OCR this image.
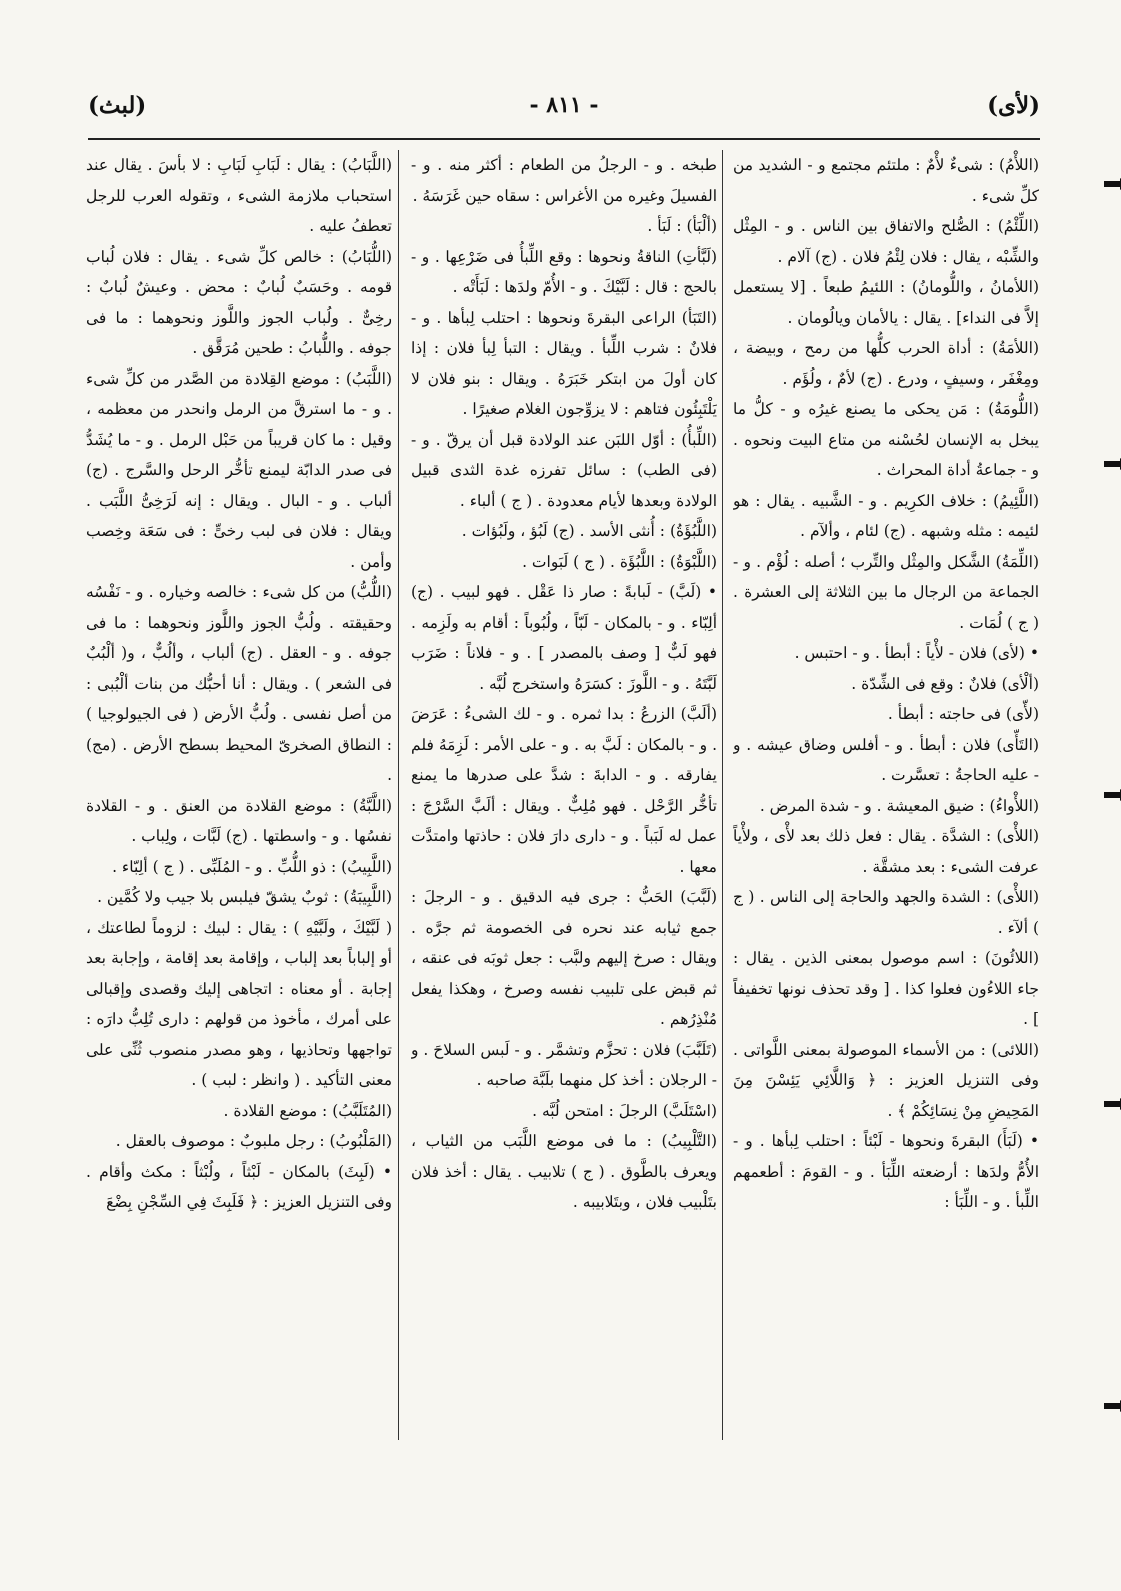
(لأى)
- ٨١١ -
(لبث)

(اللأْمُ) : شىءٌ لأْمٌ : ملتئم مجتمع و - الشديد من كلِّ شىء .

(اللِّئْمُ) : الصُّلح والاتفاق بين الناس . و - المِثْل والشِّبْه ، يقال : فلان لِئْمُ فلان . (ج) آلام .

(اللأمانُ ، واللُّومانُ) : اللئيمُ طبعاً . [لا يستعمل إلاَّ فى النداء] . يقال : يالأمان ويالُومان .

(اللأمَةُ) : أداة الحرب كلُّها من رمح ، وبيضة ، ومِغْفَر ، وسيفٍ ، ودرع . (ج) لأمٌ ، ولُؤَم .

(اللُّومَةُ) : مَن يحكى ما يصنع غيرُه و - كلُّ ما يبخل به الإنسان لحُسْنه من متاع البيت ونحوه . و - جماعةُ أداة المحراث .

(اللَّئِيمُ) : خلاف الكرِيم . و - الشَّبيه . يقال : هو لئيمه : مثله وشبهه . (ج) لئام ، وألآم .

(اللِّمَةُ) الشَّكل والمِثْل والتِّرب ؛ أصله : لُؤْم . و - الجماعة من الرجال ما بين الثلاثة إلى العشرة . ( ج ) لُمَات .

• (لأى) فلان - لأْياً : أبطأ . و - احتبس .

(ألْأى) فلانٌ : وقع فى الشِّدّة .

(لأّى) فى حاجته : أبطأ .

(التَأّى) فلان : أبطأ . و - أفلس وضاق عيشه . و - عليه الحاجةُ : تعسَّرت .

(اللأْواءُ) : ضيق المعيشة . و - شدة المرض .

(اللأْى) : الشدَّة . يقال : فعل ذلك بعد لأْى ، ولأْياً عرفت الشىء : بعد مشقَّة .

(اللأْى) : الشدة والجهد والحاجة إلى الناس . ( ج ) ألآء .

(اللائُونَ) : اسم موصول بمعنى الذين . يقال : جاء اللاءُون فعلوا كذا . [ وقد تحذف نونها تخفيفاً ] .

(اللائى) : من الأسماء الموصولة بمعنى اللَّواتى . وفى التنزيل العزيز : ﴿ وَاللَّائِي يَئِسْنَ مِنَ المَحِيضِ مِنْ نِسَائِكُمْ ﴾ .

• (لَبَأَ) البقرةَ ونحوها - لَبْئاً : احتلب لِبأها . و - الأُمُّ ولدَها : أرضعته اللِّبَأ . و - القومَ : أطعمهم اللِّبأ . و - اللِّبَأ :

طبخه . و - الرجلُ من الطعام : أكثر منه . و - الفسيلَ وغيره من الأغراس : سقاه حين غَرَسَهُ .

(ألْبَأ) : لَبَأ .

(لَبَّأتِ) الناقةُ ونحوها : وقع اللِّبأُ فى ضَرْعِها . و - بالحج : قال : لَبَّيْكَ . و - الأُمّ ولدَها : لَبَأَتْه .

(التَبَأ) الراعى البقرةَ ونحوها : احتلب لِبأها . و - فلانٌ : شرب اللِّبأ . ويقال : التبأ لِبأ فلان : إذا كان أولَ من ابتكر خَبَرَهُ . ويقال : بنو فلان لا يَلْتَبِئُون فتاهم : لا يزوِّجون الغلام صغيرًا .

(اللِّبأُ) : أوّل اللبَن عند الولادة قبل أن يرقّ . و - (فى الطب) : سائل تفرزه غدة الثدى قبيل الولادة وبعدها لأيام معدودة . ( ج ) ألباء .

(اللَّبُؤَةُ) : أُنثى الأسد . (ج) لَبُؤ ، ولَبُؤات .

(اللَّبْوَةُ) : اللَّبُؤَة . ( ج ) لَبَوات .

• (لَبَّ) - لَبابةً : صار ذا عَقْل . فهو لبيب . (ج) ألِبّاء . و - بالمكان - لَبّاً ، ولُبُوباً : أقام به ولَزِمه . فهو لَبٌّ [ وصف بالمصدر ] . و - فلاناً : ضَرَب لَبَّتَهُ . و - اللَّوزَ : كسَرَهُ واستخرج لُبَّه .

(ألَبَّ) الزرعُ : بدا ثمره . و - لك الشىءُ : عَرَضَ . و - بالمكان : لَبَّ به . و - على الأمر : لَزِمَهُ فلم يفارقه . و - الدابةَ : شدَّ على صدرها ما يمنع تأخُّر الرَّحْل . فهو مُلِبٌّ . ويقال : ألَبَّ السَّرْجَ : عمل له لَبَباً . و - دارى دارَ فلان : حاذتها وامتدَّت معها .

(لَبَّبَ) الحَبُّ : جرى فيه الدقيق . و - الرجلَ : جمع ثيابه عند نحره فى الخصومة ثم جرَّه . ويقال : صرخ إليهم ولبَّب : جعل ثوبَه فى عنقه ، ثم قبض على تلبيب نفسه وصرخ ، وهكذا يفعل مُنْذِرُهم .

(تَلَبَّبَ) فلان : تحزَّم وتشمَّر . و - لَبس السلاحَ . و - الرجلان : أخذ كل منهما بلَبَّة صاحبه .

(اسْتَلَبَّ) الرجلَ : امتحن لُبَّه .

(التَّلْبِيبُ) : ما فى موضع اللَّبَب من الثياب ، ويعرف بالطَّوق . ( ج ) تلابيب . يقال : أخذ فلان بتَلْبيب فلان ، وبتَلابيبه .

(اللَّبَابُ) : يقال : لَبَابِ لَبَابِ : لا بأسَ . يقال عند استحباب ملازمة الشىء ، وتقوله العرب للرجل تعطفُ عليه .

(اللُّبَابُ) : خالص كلِّ شىء . يقال : فلان لُباب قومه . وحَسَبٌ لُبابٌ : محض . وعيشٌ لُبابٌ : رخِىٌّ . ولُباب الجوز واللَّوز ونحوهما : ما فى جوفه . واللُّبابُ : طحين مُرَقَّق .

(اللَّبَبُ) : موضع القِلادة من الصَّدر من كلِّ شىء . و - ما استرقَّ من الرمل وانحدر من معظمه ، وقيل : ما كان قريباً من حَبْل الرمل . و - ما يُشَدُّ فى صدر الدابّة ليمنع تأخُّر الرحل والسَّرج . (ج) ألباب . و - البال . ويقال : إنه لَرَخِىُّ اللَّبَب . ويقال : فلان فى لبب رخىٍّ : فى سَعَة وخِصب وأمن .

(اللُّبُّ) من كل شىء : خالصه وخياره . و - نَفْسُه وحقيقته . ولُبُّ الجوز واللَّوز ونحوهما : ما فى جوفه . و - العقل . (ج) ألباب ، وألُبٌّ ، و( ألْبُبٌ فى الشعر ) . ويقال : أنا أحبُّك من بنات ألْبُبى : من أصل نفسى . ولُبُّ الأرض ( فى الجيولوجيا ) : النطاق الصخرىّ المحيط بسطح الأرض . (مج) .

(اللَّبَّةُ) : موضع القلادة من العنق . و - القلادة نفسُها . و - واسطتها . (ج) لَبَّات ، ولِباب .

(اللَّبِيبُ) : ذو اللُّبِّ . و - المُلَبِّى . ( ج ) ألِبّاء .

(اللَّبِيبَةُ) : ثوبٌ يشقّ فيلبس بلا جيب ولا كُمَّين .

( لَبَّيْكَ ، ولَبَّيْهِ ) : يقال : لبيك : لزوماً لطاعتك ، أو إلباباً بعد إلباب ، وإقامة بعد إقامة ، وإجابة بعد إجابة . أو معناه : اتجاهى إليك وقصدى وإقبالى على أمرك ، مأخوذ من قولهم : دارى تُلِبُّ دارَه : تواجهها وتحاذيها ، وهو مصدر منصوب ثُنِّى على معنى التأكيد . ( وانظر : لبب ) .

(المُتَلَبَّبُ) : موضع القلادة .

(المَلْبُوبُ) : رجل ملبوبٌ : موصوف بالعقل .

• (لَبِثَ) بالمكان - لَبْثاً ، ولُبْثاً : مكث وأقام . وفى التنزيل العزيز : ﴿ فَلَبِثَ فِي السِّجْنِ بِضْعَ
